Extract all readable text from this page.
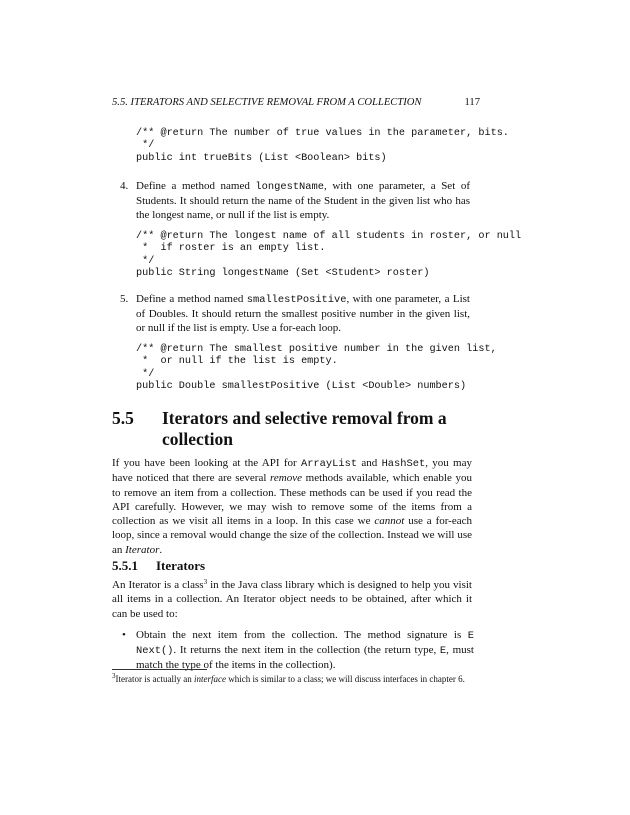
5.5. ITERATORS AND SELECTIVE REMOVAL FROM A COLLECTION	117
/** @return The number of true values in the parameter, bits.
*/
public int trueBits (List <Boolean> bits)
4. Define a method named longestName, with one parameter, a Set of Students. It should return the name of the Student in the given list who has the longest name, or null if the list is empty.
/** @return The longest name of all students in roster, or null
*  if roster is an empty list.
*/
public String longestName (Set <Student> roster)
5. Define a method named smallestPositive, with one parameter, a List of Doubles. It should return the smallest positive number in the given list, or null if the list is empty. Use a for-each loop.
/** @return The smallest positive number in the given list,
*  or null if the list is empty.
*/
public Double smallestPositive (List <Double> numbers)
5.5 Iterators and selective removal from a collection
If you have been looking at the API for ArrayList and HashSet, you may have noticed that there are several remove methods available, which enable you to remove an item from a collection. These methods can be used if you read the API carefully. However, we may wish to remove some of the items from a collection as we visit all items in a loop. In this case we cannot use a for-each loop, since a removal would change the size of the collection. Instead we will use an Iterator.
5.5.1 Iterators
An Iterator is a class$^3$ in the Java class library which is designed to help you visit all items in a collection. An Iterator object needs to be obtained, after which it can be used to:
• Obtain the next item from the collection. The method signature is E Next(). It returns the next item in the collection (the return type, E, must match the type of the items in the collection).
$^3$Iterator is actually an interface which is similar to a class; we will discuss interfaces in chapter 6.
